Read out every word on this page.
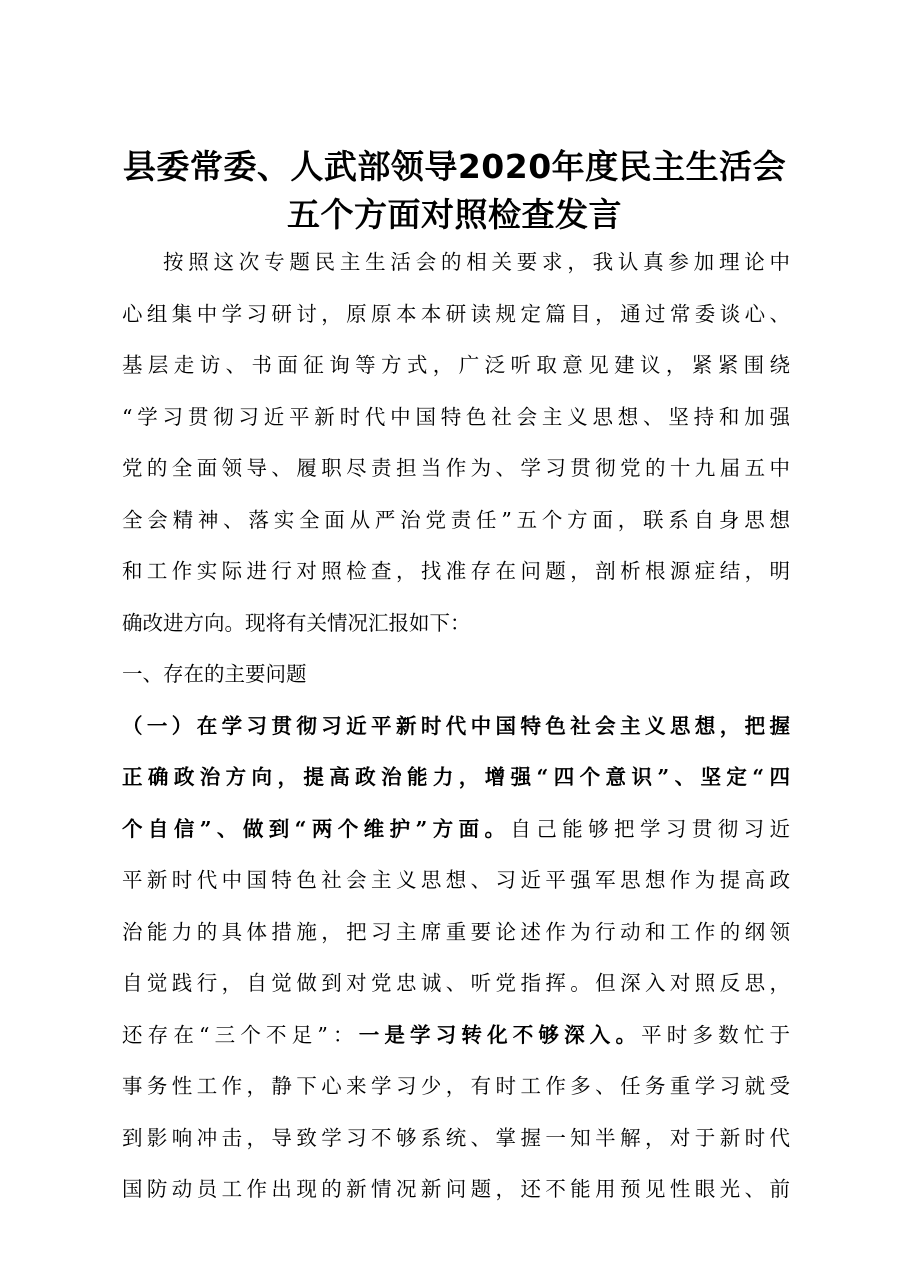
县委常委、人武部领导2020年度民主生活会
五个方面对照检查发言
按照这次专题民主生活会的相关要求，我认真参加理论中
心组集中学习研讨，原原本本研读规定篇目，通过常委谈心、
基层走访、书面征询等方式，广泛听取意见建议，紧紧围绕
“学习贯彻习近平新时代中国特色社会主义思想、坚持和加强
党的全面领导、履职尽责担当作为、学习贯彻党的十九届五中
全会精神、落实全面从严治党责任”五个方面，联系自身思想
和工作实际进行对照检查，找准存在问题，剖析根源症结，明
确改进方向。现将有关情况汇报如下：
一、存在的主要问题
（一）在学习贯彻习近平新时代中国特色社会主义思想，把握
正确政治方向，提高政治能力，增强“四个意识”、坚定“四
个自信”、做到“两个维护”方面。自己能够把学习贯彻习近
平新时代中国特色社会主义思想、习近平强军思想作为提高政
治能力的具体措施，把习主席重要论述作为行动和工作的纲领
自觉践行，自觉做到对党忠诚、听党指挥。但深入对照反思，
还存在“三个不足”：一是学习转化不够深入。平时多数忙于
事务性工作，静下心来学习少，有时工作多、任务重学习就受
到影响冲击，导致学习不够系统、掌握一知半解，对于新时代
国防动员工作出现的新情况新问题，还不能用预见性眼光、前
